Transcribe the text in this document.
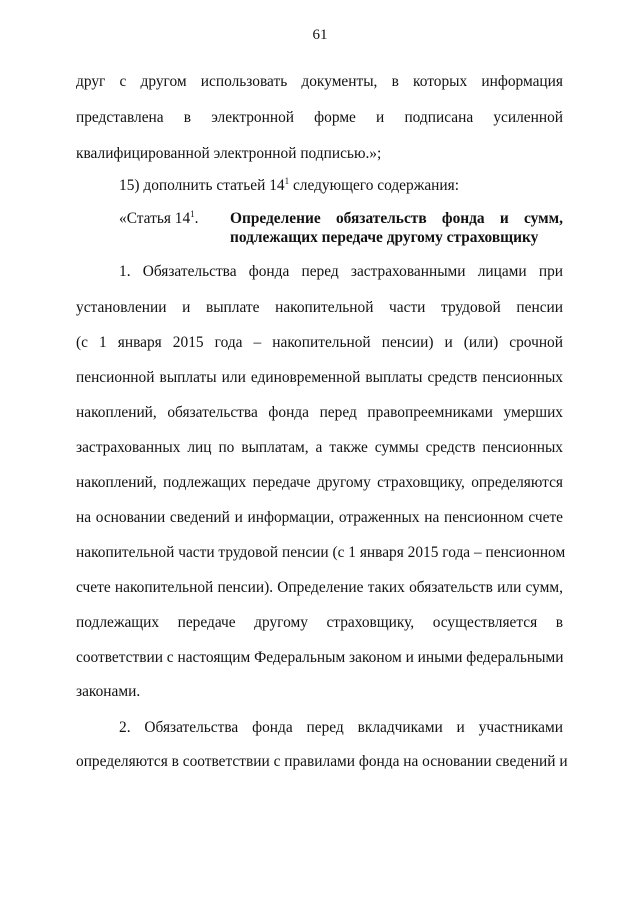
61
друг с другом использовать документы, в которых информация
представлена в электронной форме и подписана усиленной
квалифицированной электронной подписью.»;
15) дополнить статьей $14^1$ следующего содержания:
«Статья $14^1$. Определение обязательств фонда и сумм,
подлежащих передаче другому страховщику
1. Обязательства фонда перед застрахованными лицами при
установлении и выплате накопительной части трудовой пенсии
(с 1 января 2015 года – накопительной пенсии) и (или) срочной
пенсионной выплаты или единовременной выплаты средств пенсионных
накоплений, обязательства фонда перед правопреемниками умерших
застрахованных лиц по выплатам, а также суммы средств пенсионных
накоплений, подлежащих передаче другому страховщику, определяются
на основании сведений и информации, отраженных на пенсионном счете
накопительной части трудовой пенсии (с 1 января 2015 года – пенсионном
счете накопительной пенсии). Определение таких обязательств или сумм,
подлежащих передаче другому страховщику, осуществляется в
соответствии с настоящим Федеральным законом и иными федеральными
законами.
2. Обязательства фонда перед вкладчиками и участниками
определяются в соответствии с правилами фонда на основании сведений и
